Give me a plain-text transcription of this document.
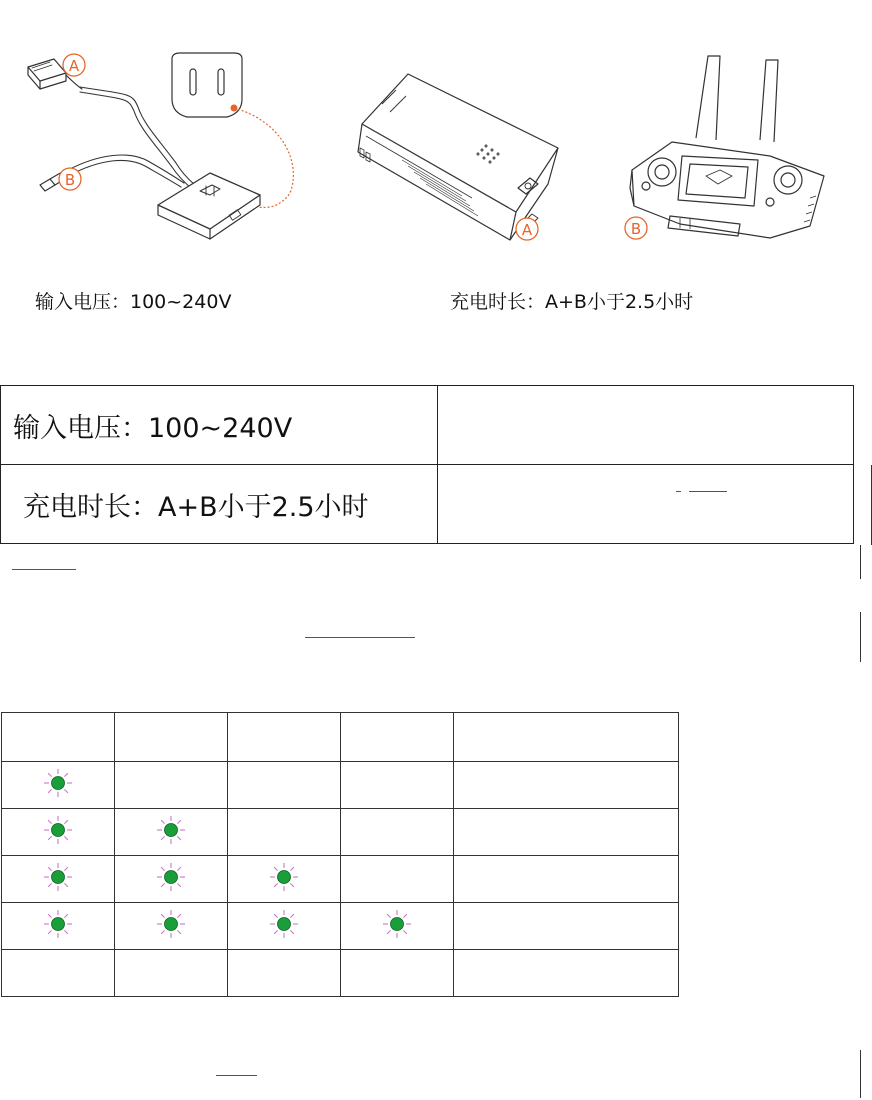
A
B
A	B
输入电压：100~240V	充电时长：A+B小于2.5小时
输入电压：100~240V	
充电时长：A+B小于2.5小时	
